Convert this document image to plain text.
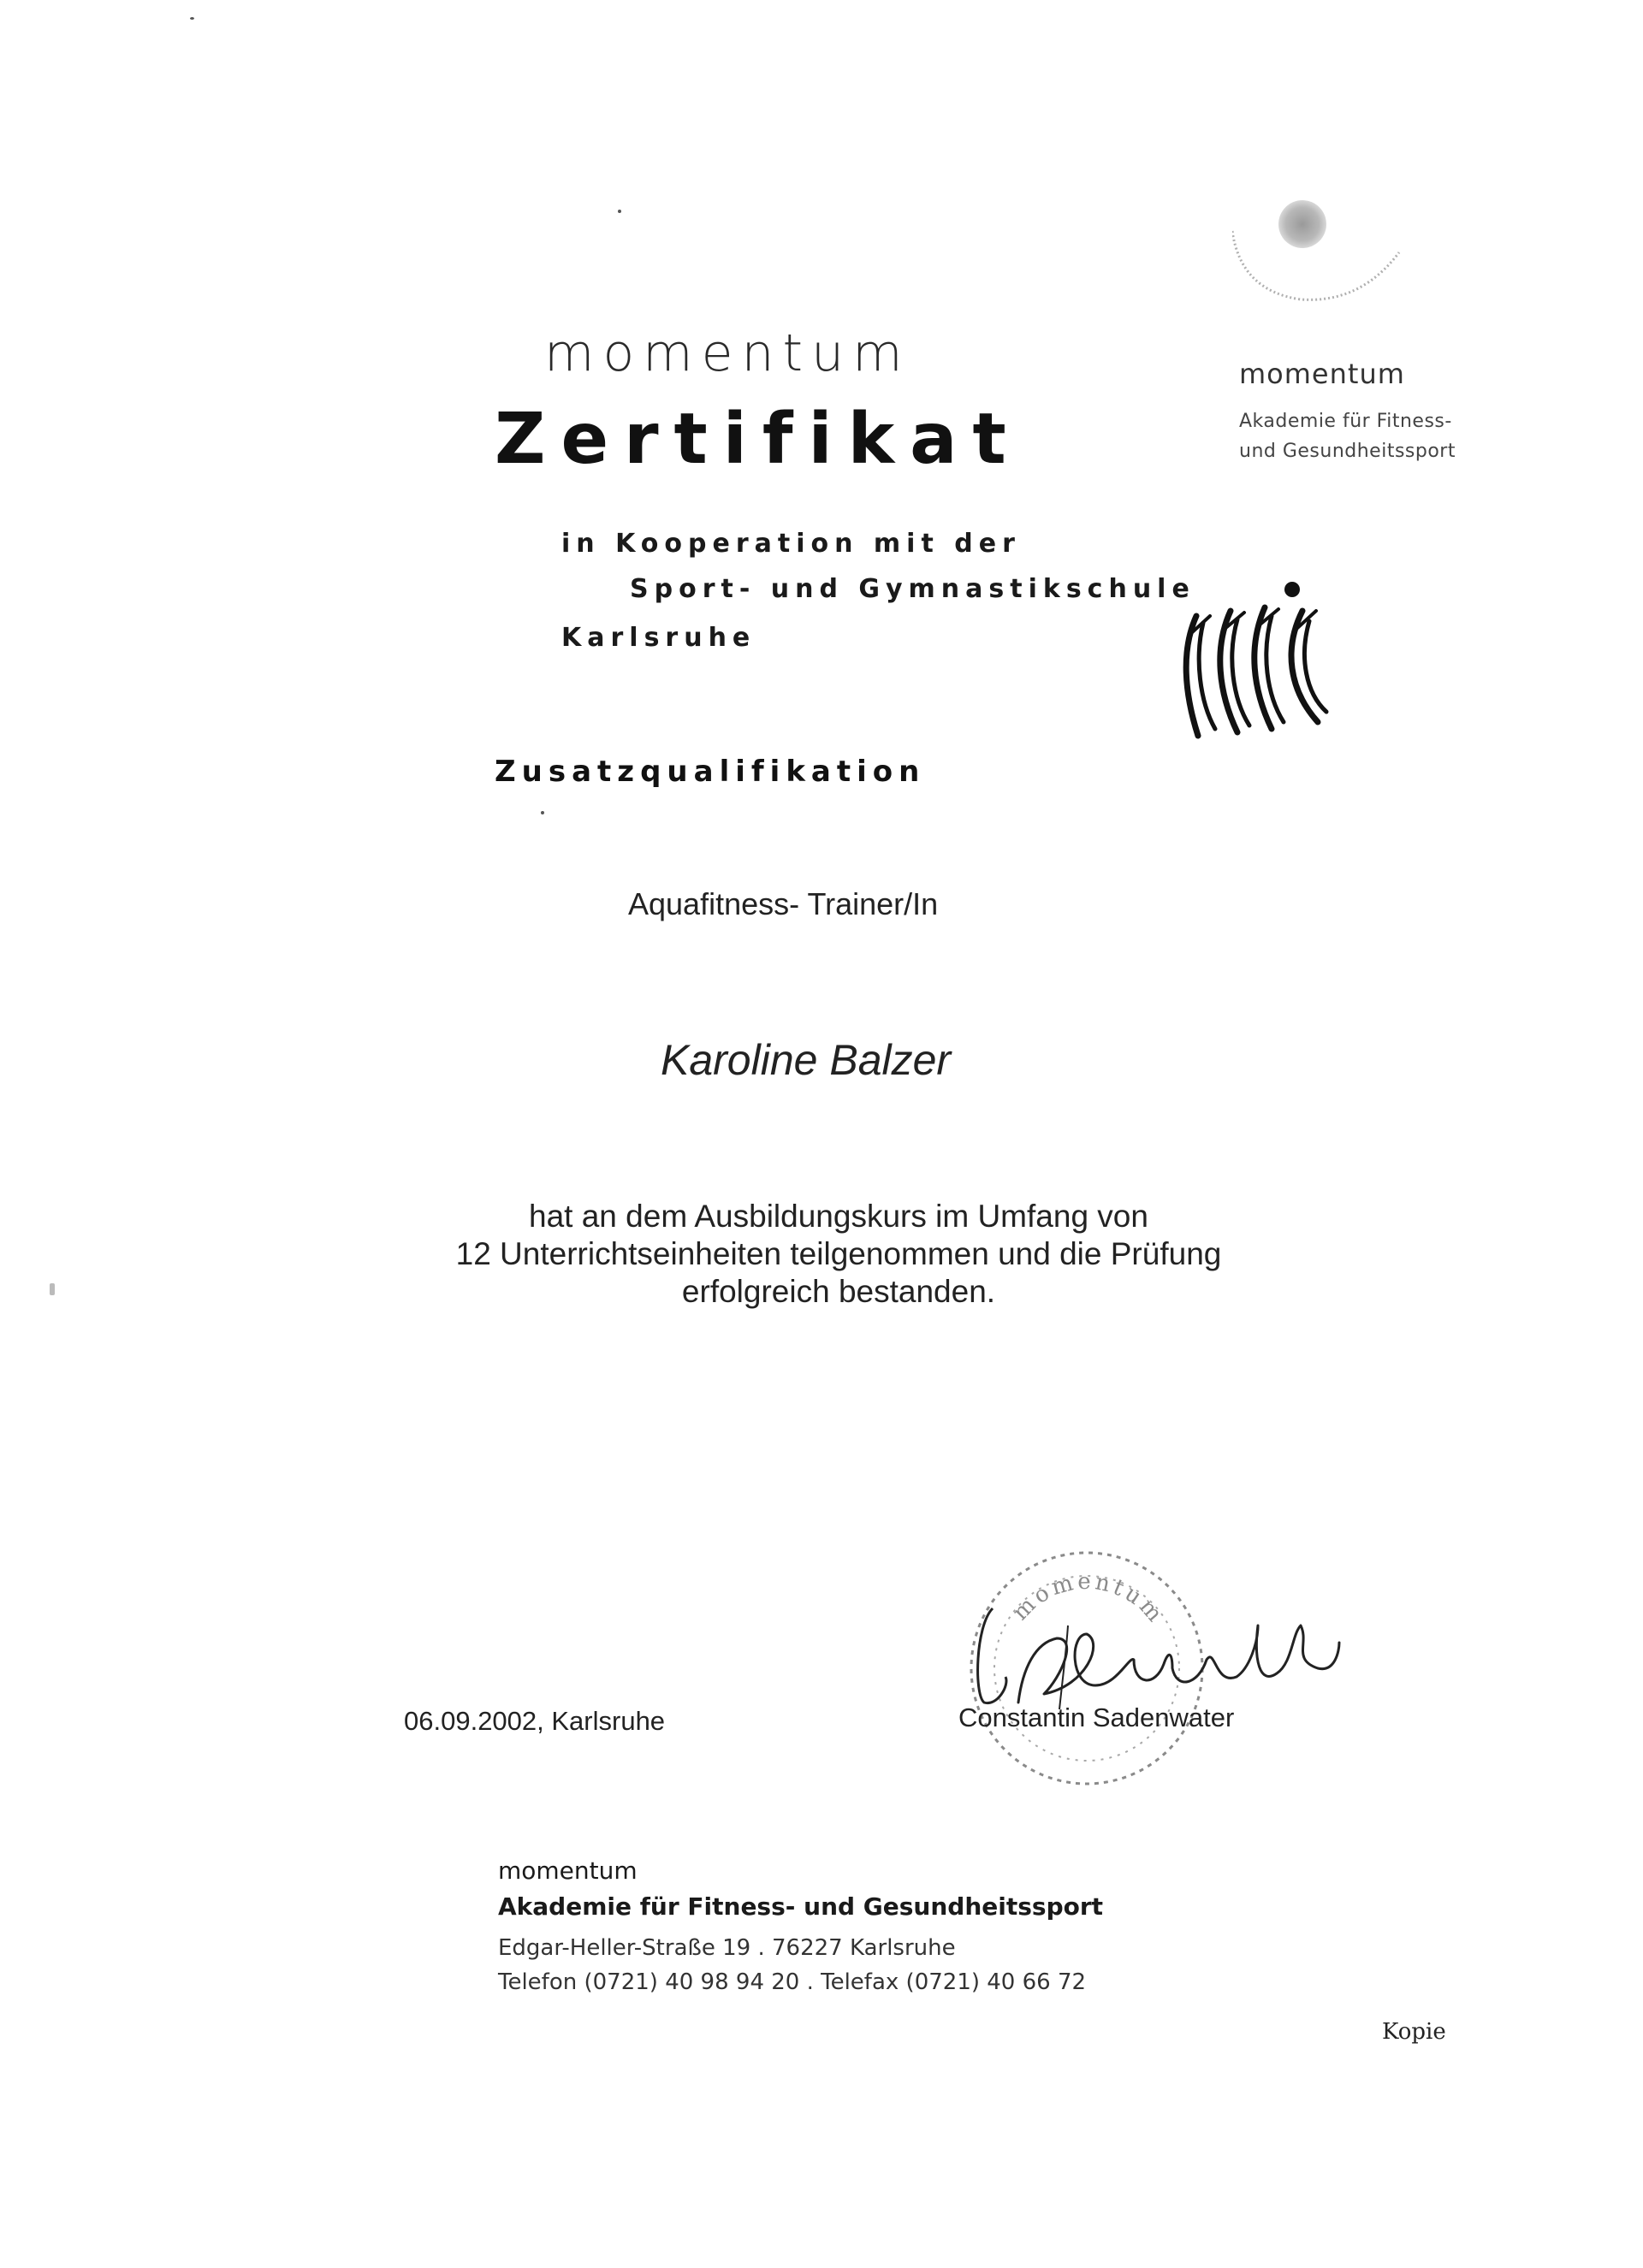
momentum
Zertifikat
in Kooperation mit der
Sport- und Gymnastikschule
Karlsruhe
momentum
Akademie für Fitness-
und Gesundheitssport
Zusatzqualifikation
Aquafitness- Trainer/In
Karoline Balzer
hat an dem Ausbildungskurs im Umfang von
12 Unterrichtseinheiten teilgenommen und die Prüfung
erfolgreich bestanden.
momentum
06.09.2002, Karlsruhe	Constantin Sadenwater
momentum
Akademie für Fitness- und Gesundheitssport
Edgar-Heller-Straße 19 . 76227 Karlsruhe
Telefon (0721) 40 98 94 20 . Telefax (0721) 40 66 72
Kopie
